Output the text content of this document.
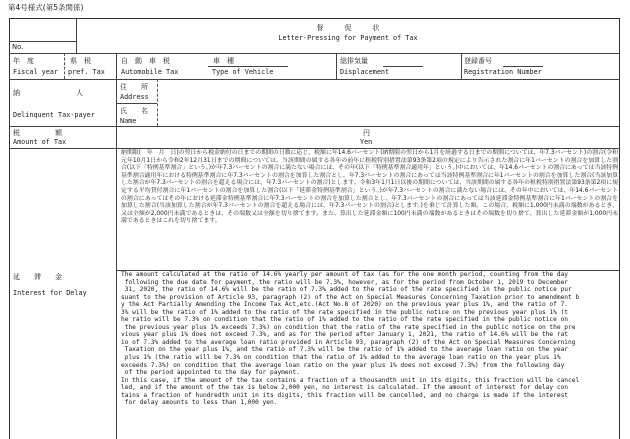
第4号様式(第5条関係)
No.
督　　　促　　　状
Letter-Pressing for Payment of Tax
年　度
Fiscal year
県　税
pref. Tax
自　動　車　税
Automobile Tax
車　種
Type of Vehicle
総排気量
Displacement
登録番号
Registration Number
納　　　　　　　　人
Delinquent Tax-payer
住　　所
Address
氏　　名
Name
税　　　　　額
Amount of Tax
円
Yen
延　　滞　　金
Interest for Delay
納期限(　年　月　日)の翌日から税金納付の日までの期間の日数に応じ、税額に年14.6パーセント(納期限の翌日から1月を経過する日までの期間については、年7.3パーセント)の割合(令和元年10月1日から令和2年12月31日までの期間については、当該期間の属する各年の前年に租税特別措置法第93条第2項の規定により告示された割合に年1パーセントの割合を加算した割合(以下「特例基準割合」という。)が年7.3パーセントの割合に満たない場合には、その年(以下「特例基準割合適用年」という。)中においては、年14.6パーセントの割合にあっては当該特例基準割合適用年における特例基準割合に年7.3パーセントの割合を加算した割合とし、年7.3パーセントの割合にあっては当該特例基準割合に年1パーセントの割合を加算した割合(当該加算した割合が年7.3パーセントの割合を超える場合には、年7.3パーセントの割合)とします。令和3年1月1日以後の期間については、当該期間の属する各年の租税特別措置法第93条第2項に規定する平均貸付割合に年1パーセントの割合を加算した割合(以下「延滞金特例基準割合」という。)が年7.3パーセントの割合に満たない場合には、その年中においては、年14.6パーセントの割合にあってはその年における延滞金特例基準割合に年7.3パーセントの割合を加算した割合とし、年7.3パーセントの割合にあっては当該延滞金特例基準割合に年1パーセントの割合を加算した割合(当該加算した割合が年7.3パーセントの割合を超える場合には、年7.3パーセントの割合)とします。)を乗じて計算した額。この場合、税額に1,000円未満の端数があるとき、又は全額が2,000円未満であるときは、その端数又は全額を切り捨てます。また、算出した延滞金額に100円未満の端数があるときはその端数を切り捨て、算出した延滞金額が1,000円未満であるときはこれを切り捨てます。
The amount calculated at the ratio of 14.6% yearly per amount of tax (as for the one month period, counting from the day
following the due date for payment, the ratio will be 7.3%, however, as for the period from October 1, 2019 to December
31, 2020, the ratio of 14.6% will be the ratio of 7.3% added to the ratio of the rate specified in the public notice pur
suant to the provision of Article 93, paragraph (2) of the Act on Special Measures Concerning Taxation prior to amendment b
y the Act Partially Amending the Income Tax Act,etc.(Act No.8 of 2020) on the previous year plus 1%, and the ratio of 7.
3% will be the ratio of 1% added to the ratio of the rate specified in the public notice on the previous year plus 1% (t
he ratio will be 7.3% on condition that the ratio of 1% added to the ratio of the rate specified in the public notice on
the previous year plus 1% exceeds 7.3%) on condition that the ratio of the rate specified in the public notice on the pre
vious year plus 1% does not exceed 7.3%, and as for the period after January 1, 2021, the ratio of 14.6% will be the rat
io of 7.3% added to the average loan ratio provided in Article 93, paragraph (2) of the Act on Special Measures Concerning
Taxation on the year plus 1%, and the ratio of 7.3% will be the ratio of 1% added to the average loan ratio on the year
plus 1% (the ratio will be 7.3% on condition that the ratio of 1% added to the average loan ratio on the year plus 1%
exceeds 7.3%) on condition that the average loan ratio on the year plus 1% does not exceed 7.3%) from the following day
of the period appointed to the day for payment.
In this case, if the amount of the tax contains a fraction of a thousandth unit in its digits, this fraction will be cancel
led, and if the amount of the tax is below 2,000 yen, no interest is calculated. If the amount of interest for delay con
tains a fraction of hundredth unit in its digits, this fraction will be cancelled, and no charge is made if the interest
for delay amounts to less than 1,000 yen.
